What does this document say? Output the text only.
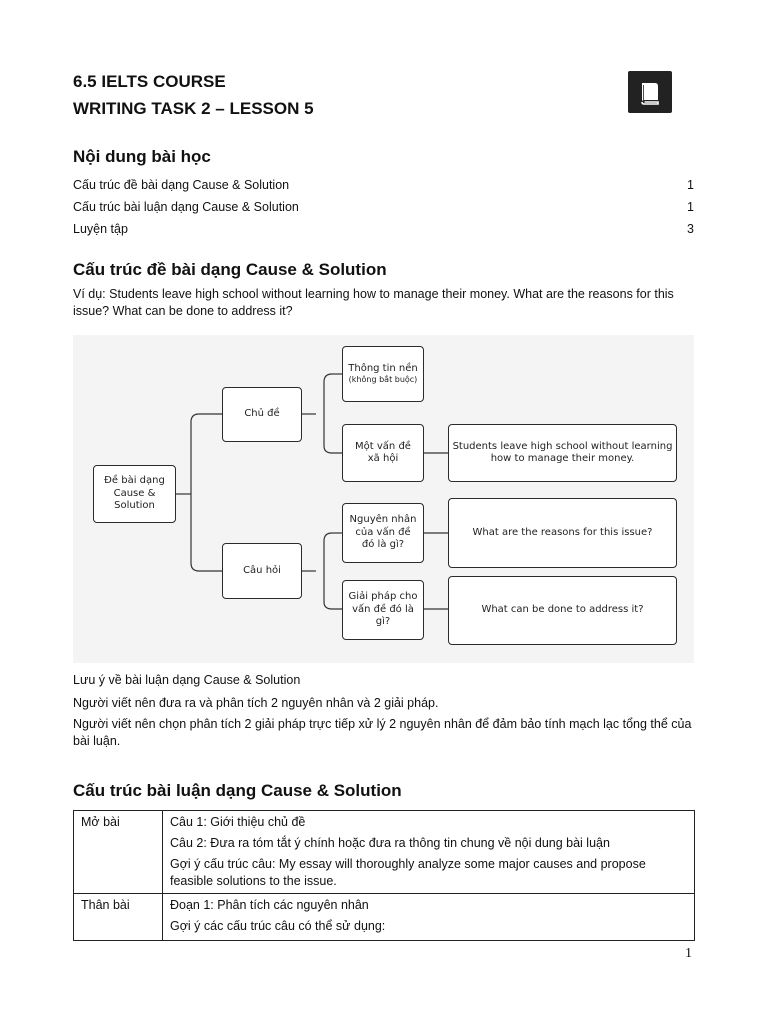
6.5 IELTS COURSE
WRITING TASK 2 – LESSON 5
Nội dung bài học
Cấu trúc đề bài dạng Cause & Solution	1
Cấu trúc bài luận dạng Cause & Solution	1
Luyện tập	3
Cấu trúc đề bài dạng Cause & Solution
Ví dụ: Students leave high school without learning how to manage their money. What are the reasons for this issue? What can be done to address it?
Đề bài dạng
Cause &
Solution
Chủ đề
Câu hỏi
Thông tin nền
(không bắt buộc)
Một vấn đề
xã hội
Nguyên nhân
của vấn đề
đó là gì?
Giải pháp cho
vấn đề đó là
gì?
Students leave high school without learning
how to manage their money.
What are the reasons for this issue?
What can be done to address it?
Lưu ý về bài luận dạng Cause & Solution
Người viết nên đưa ra và phân tích 2 nguyên nhân và 2 giải pháp.
Người viết nên chọn phân tích 2 giải pháp trực tiếp xử lý 2 nguyên nhân để đảm bảo tính mạch lạc tổng thể của bài luận.
Cấu trúc bài luận dạng Cause & Solution
Mở bài	Câu 1: Giới thiệu chủ đề
Câu 2: Đưa ra tóm tắt ý chính hoặc đưa ra thông tin chung về nội dung bài luận
Gợi ý cấu trúc câu: My essay will thoroughly analyze some major causes and propose feasible solutions to the issue.

Thân bài	Đoạn 1: Phân tích các nguyên nhân
Gợi ý các cấu trúc câu có thể sử dụng:
1
